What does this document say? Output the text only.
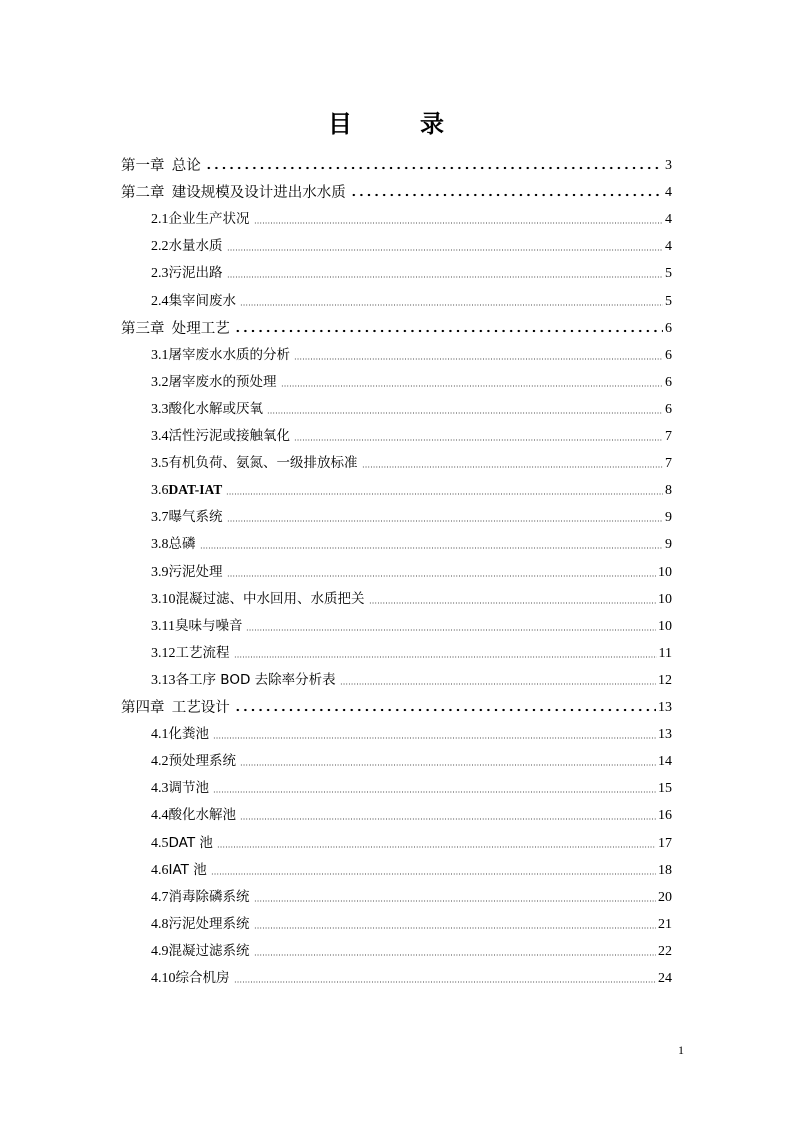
目　录
第一章  总论	3
第二章  建设规模及设计进出水水质	4
2.1企业生产状况	4
2.2水量水质	4
2.3污泥出路	5
2.4集宰间废水	5
第三章  处理工艺	6
3.1屠宰废水水质的分析	6
3.2屠宰废水的预处理	6
3.3酸化水解或厌氧	6
3.4活性污泥或接触氧化	7
3.5有机负荷、氨氮、一级排放标准	7
3.6DAT-IAT	8
3.7曝气系统	9
3.8总磷	9
3.9污泥处理	10
3.10混凝过滤、中水回用、水质把关	10
3.11臭味与噪音	10
3.12工艺流程	11
3.13各工序 BOD 去除率分析表	12
第四章  工艺设计	13
4.1化粪池	13
4.2预处理系统	14
4.3调节池	15
4.4酸化水解池	16
4.5DAT 池	17
4.6IAT 池	18
4.7消毒除磷系统	20
4.8污泥处理系统	21
4.9混凝过滤系统	22
4.10综合机房	24
1
